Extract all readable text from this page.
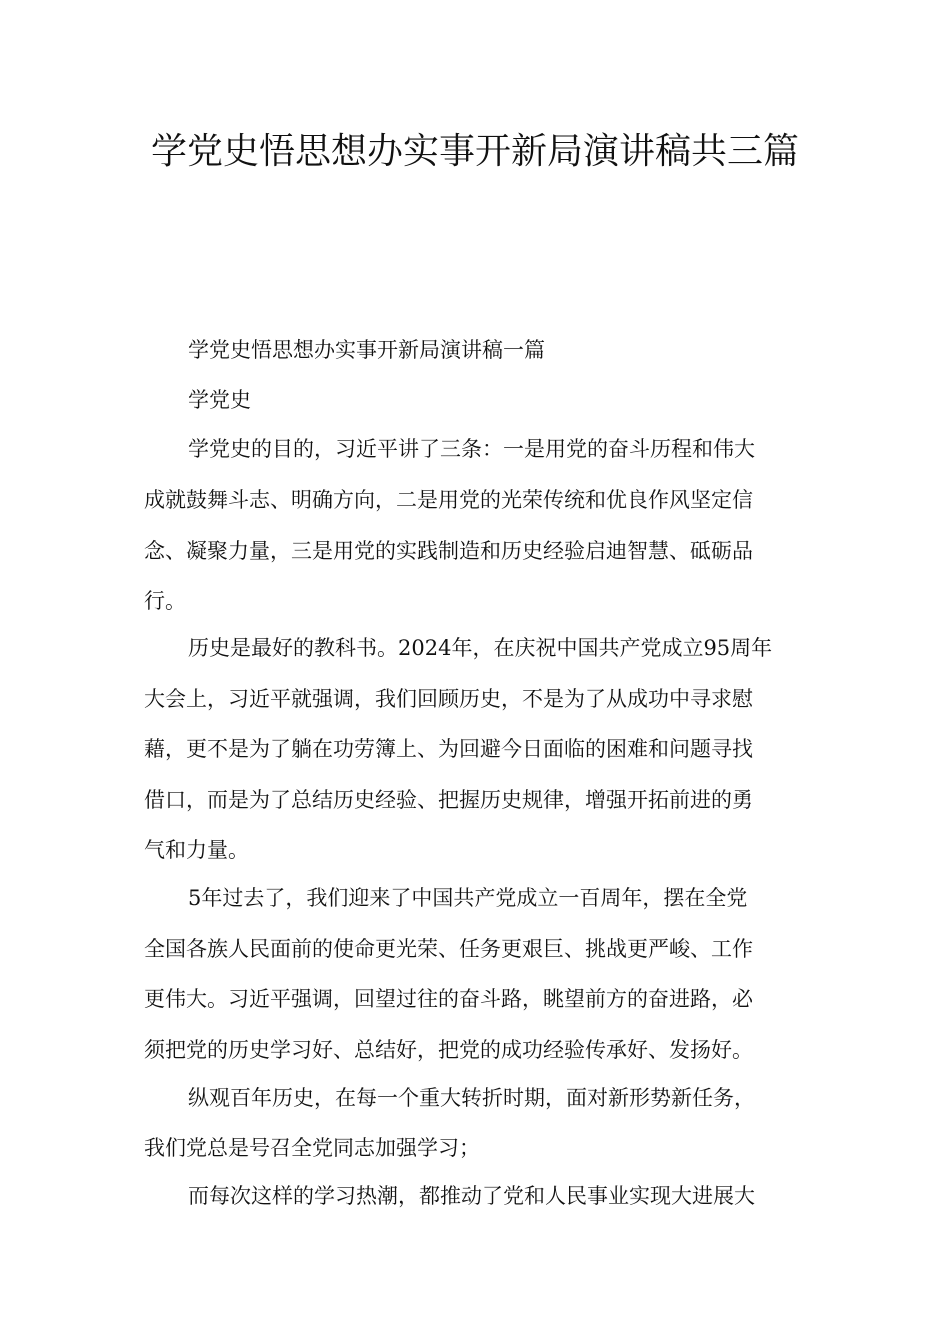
学党史悟思想办实事开新局演讲稿共三篇
学党史悟思想办实事开新局演讲稿一篇
学党史
学党史的目的，习近平讲了三条：一是用党的奋斗历程和伟大
成就鼓舞斗志、明确方向，二是用党的光荣传统和优良作风坚定信
念、凝聚力量，三是用党的实践制造和历史经验启迪智慧、砥砺品
行。
历史是最好的教科书。2024年，在庆祝中国共产党成立95周年
大会上，习近平就强调，我们回顾历史，不是为了从成功中寻求慰
藉，更不是为了躺在功劳簿上、为回避今日面临的困难和问题寻找
借口，而是为了总结历史经验、把握历史规律，增强开拓前进的勇
气和力量。
5年过去了，我们迎来了中国共产党成立一百周年，摆在全党
全国各族人民面前的使命更光荣、任务更艰巨、挑战更严峻、工作
更伟大。习近平强调，回望过往的奋斗路，眺望前方的奋进路，必
须把党的历史学习好、总结好，把党的成功经验传承好、发扬好。
纵观百年历史，在每一个重大转折时期，面对新形势新任务，
我们党总是号召全党同志加强学习；
而每次这样的学习热潮，都推动了党和人民事业实现大进展大
